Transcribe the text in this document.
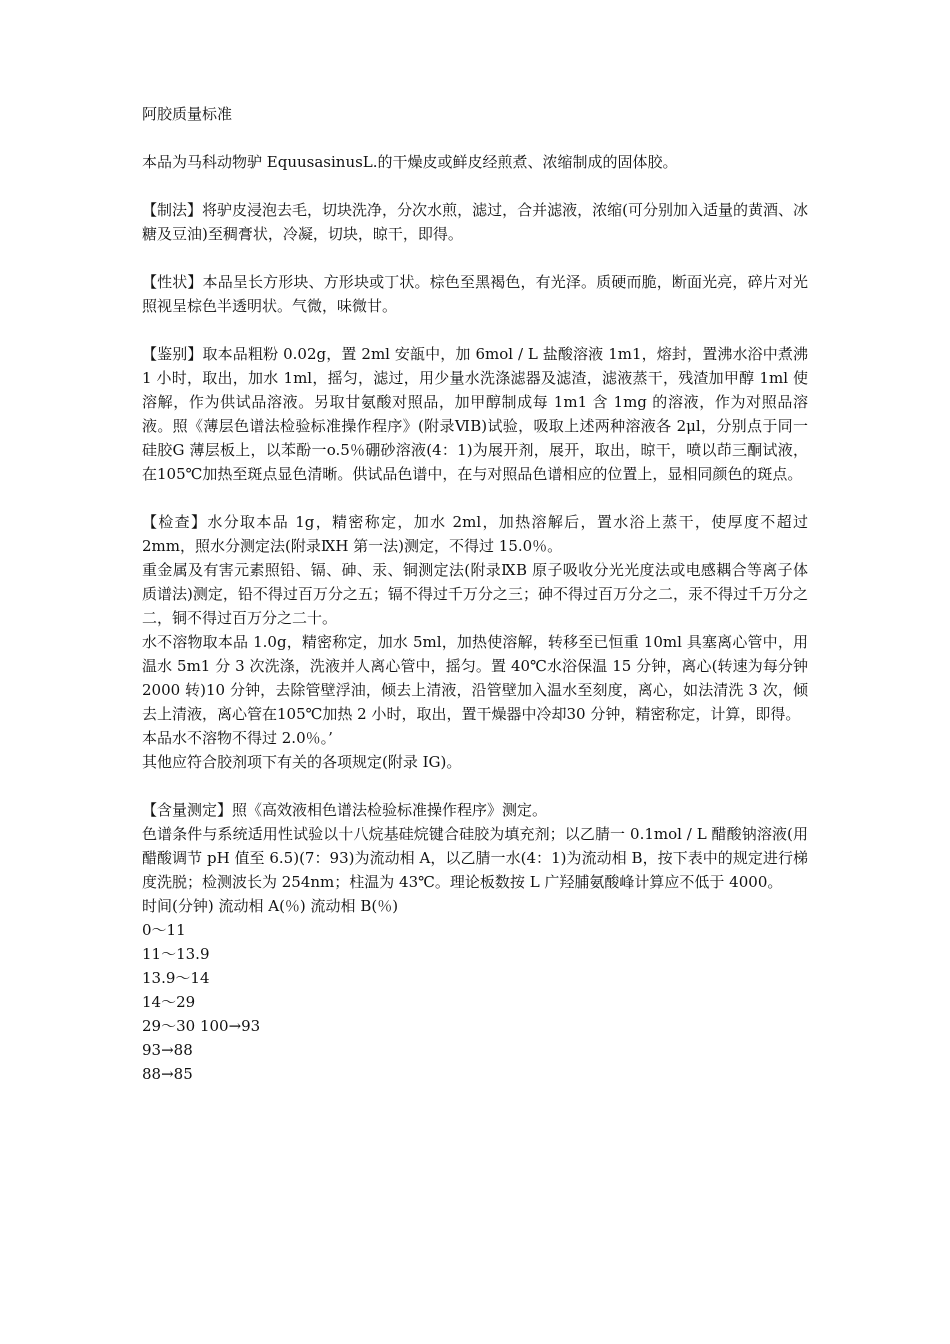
阿胶质量标准

本品为马科动物驴 EquusasinusL.的干燥皮或鲜皮经煎煮、浓缩制成的固体胶。

【制法】将驴皮浸泡去毛，切块洗净，分次水煎，滤过，合并滤液，浓缩(可分别加入适量的黄酒、冰糖及豆油)至稠膏状，冷凝，切块，晾干，即得。

【性状】本品呈长方形块、方形块或丁状。棕色至黑褐色，有光泽。质硬而脆，断面光亮，碎片对光照视呈棕色半透明状。气微，味微甘。

【鉴别】取本品粗粉 0.02g，置 2ml 安瓿中，加 6mol / L 盐酸溶液 1m1，熔封，置沸水浴中煮沸 1 小时，取出，加水 1ml，摇匀，滤过，用少量水洗涤滤器及滤渣，滤液蒸干，残渣加甲醇 1ml 使溶解，作为供试品溶液。另取甘氨酸对照品，加甲醇制成每 1m1 含 1mg 的溶液，作为对照品溶液。照《薄层色谱法检验标准操作程序》(附录ⅥB)试验，吸取上述两种溶液各 2μl，分别点于同一硅胶G 薄层板上，以苯酚一o.5％硼砂溶液(4：1)为展开剂，展开，取出，晾干，喷以茚三酮试液，在105℃加热至斑点显色清晰。供试品色谱中，在与对照品色谱相应的位置上，显相同颜色的斑点。

【检查】水分取本品 1g，精密称定，加水 2ml，加热溶解后，置水浴上蒸干，使厚度不超过 2mm，照水分测定法(附录ⅨH 第一法)测定，不得过 15.0％。

重金属及有害元素照铅、镉、砷、汞、铜测定法(附录ⅨB 原子吸收分光光度法或电感耦合等离子体质谱法)测定，铅不得过百万分之五；镉不得过千万分之三；砷不得过百万分之二，汞不得过千万分之二，铜不得过百万分之二十。

水不溶物取本品 1.0g，精密称定，加水 5ml，加热使溶解，转移至已恒重 10ml 具塞离心管中，用温水 5m1 分 3 次洗涤，洗液并人离心管中，摇匀。置 40℃水浴保温 15 分钟，离心(转速为每分钟 2000 转)10 分钟，去除管壁浮油，倾去上清液，沿管壁加入温水至刻度，离心，如法清洗 3 次，倾去上清液，离心管在105℃加热 2 小时，取出，置干燥器中冷却30 分钟，精密称定，计算，即得。

本品水不溶物不得过 2.0％。’

其他应符合胶剂项下有关的各项规定(附录 IG)。

【含量测定】照《高效液相色谱法检验标准操作程序》测定。

色谱条件与系统适用性试验以十八烷基硅烷键合硅胶为填充剂；以乙腈一 0.1mol / L 醋酸钠溶液(用醋酸调节 pH 值至 6.5)(7：93)为流动相 A，以乙腈一水(4：1)为流动相 B，按下表中的规定进行梯度洗脱；检测波长为 254nm；柱温为 43℃。理论板数按 L 广羟脯氨酸峰计算应不低于 4000。

时间(分钟) 流动相 A(％) 流动相 B(％)
0～11
11～13.9
13.9～14
14～29
29～30 100→93
93→88
88→85
